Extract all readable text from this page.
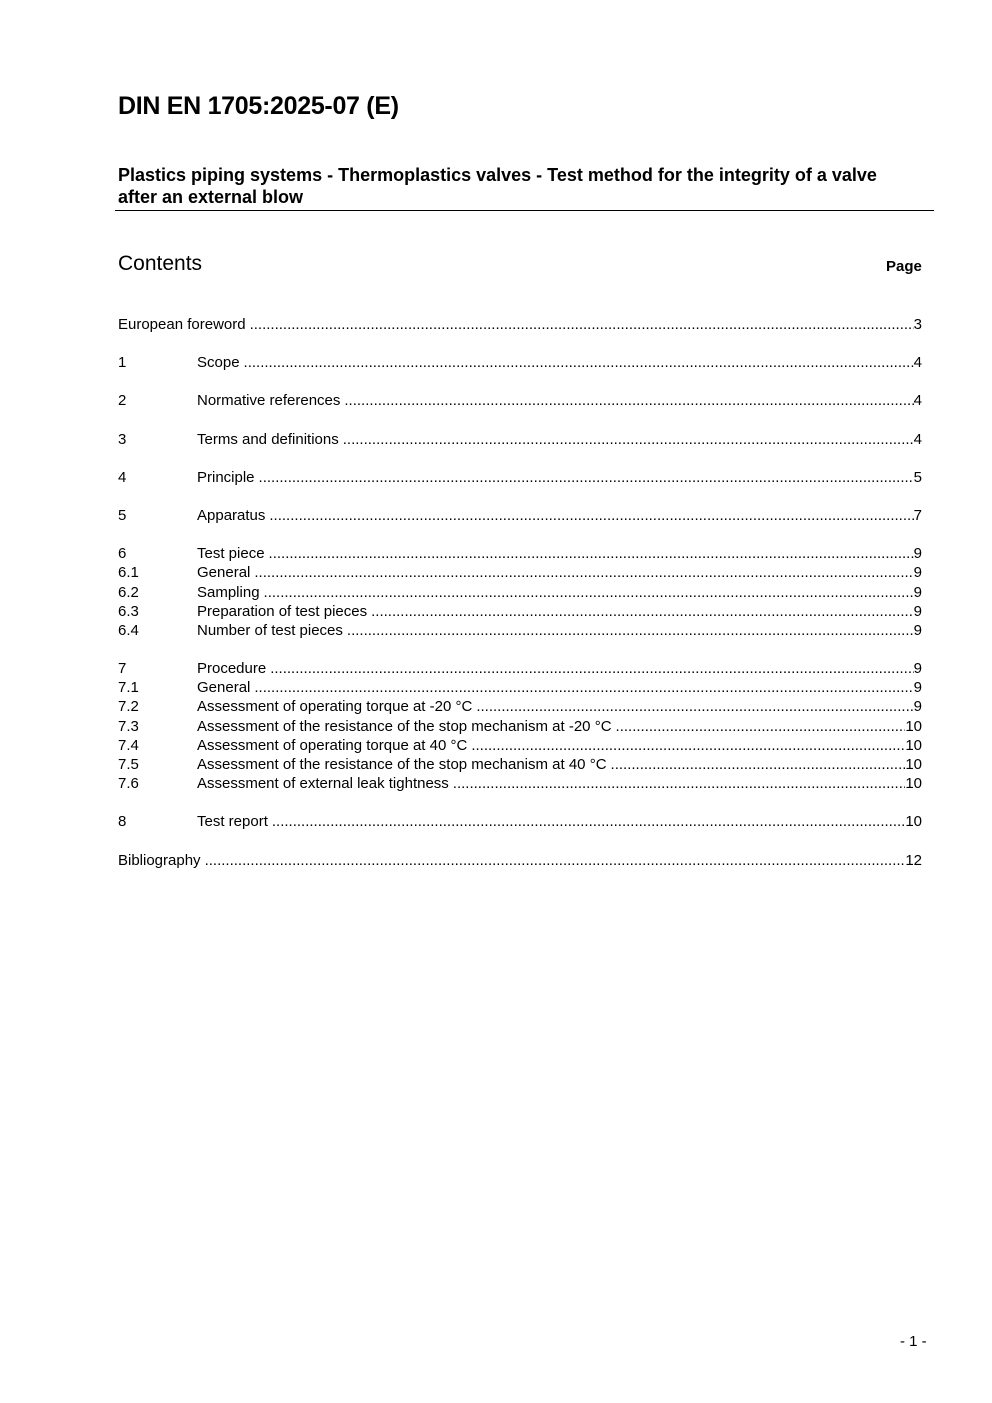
DIN EN 1705:2025-07 (E)
Plastics piping systems - Thermoplastics valves - Test method for the integrity of a valve after an external blow
Contents	Page
European foreword .....	3
1	Scope .....	4
2	Normative references .....	4
3	Terms and definitions .....	4
4	Principle .....	5
5	Apparatus .....	7
6	Test piece .....	9
6.1	General .....	9
6.2	Sampling .....	9
6.3	Preparation of test pieces .....	9
6.4	Number of test pieces .....	9
7	Procedure .....	9
7.1	General .....	9
7.2	Assessment of operating torque at -20 °C .....	9
7.3	Assessment of the resistance of the stop mechanism at -20 °C .....	10
7.4	Assessment of operating torque at 40 °C .....	10
7.5	Assessment of the resistance of the stop mechanism at 40 °C .....	10
7.6	Assessment of external leak tightness .....	10
8	Test report .....	10
Bibliography .....	12
- 1 -
